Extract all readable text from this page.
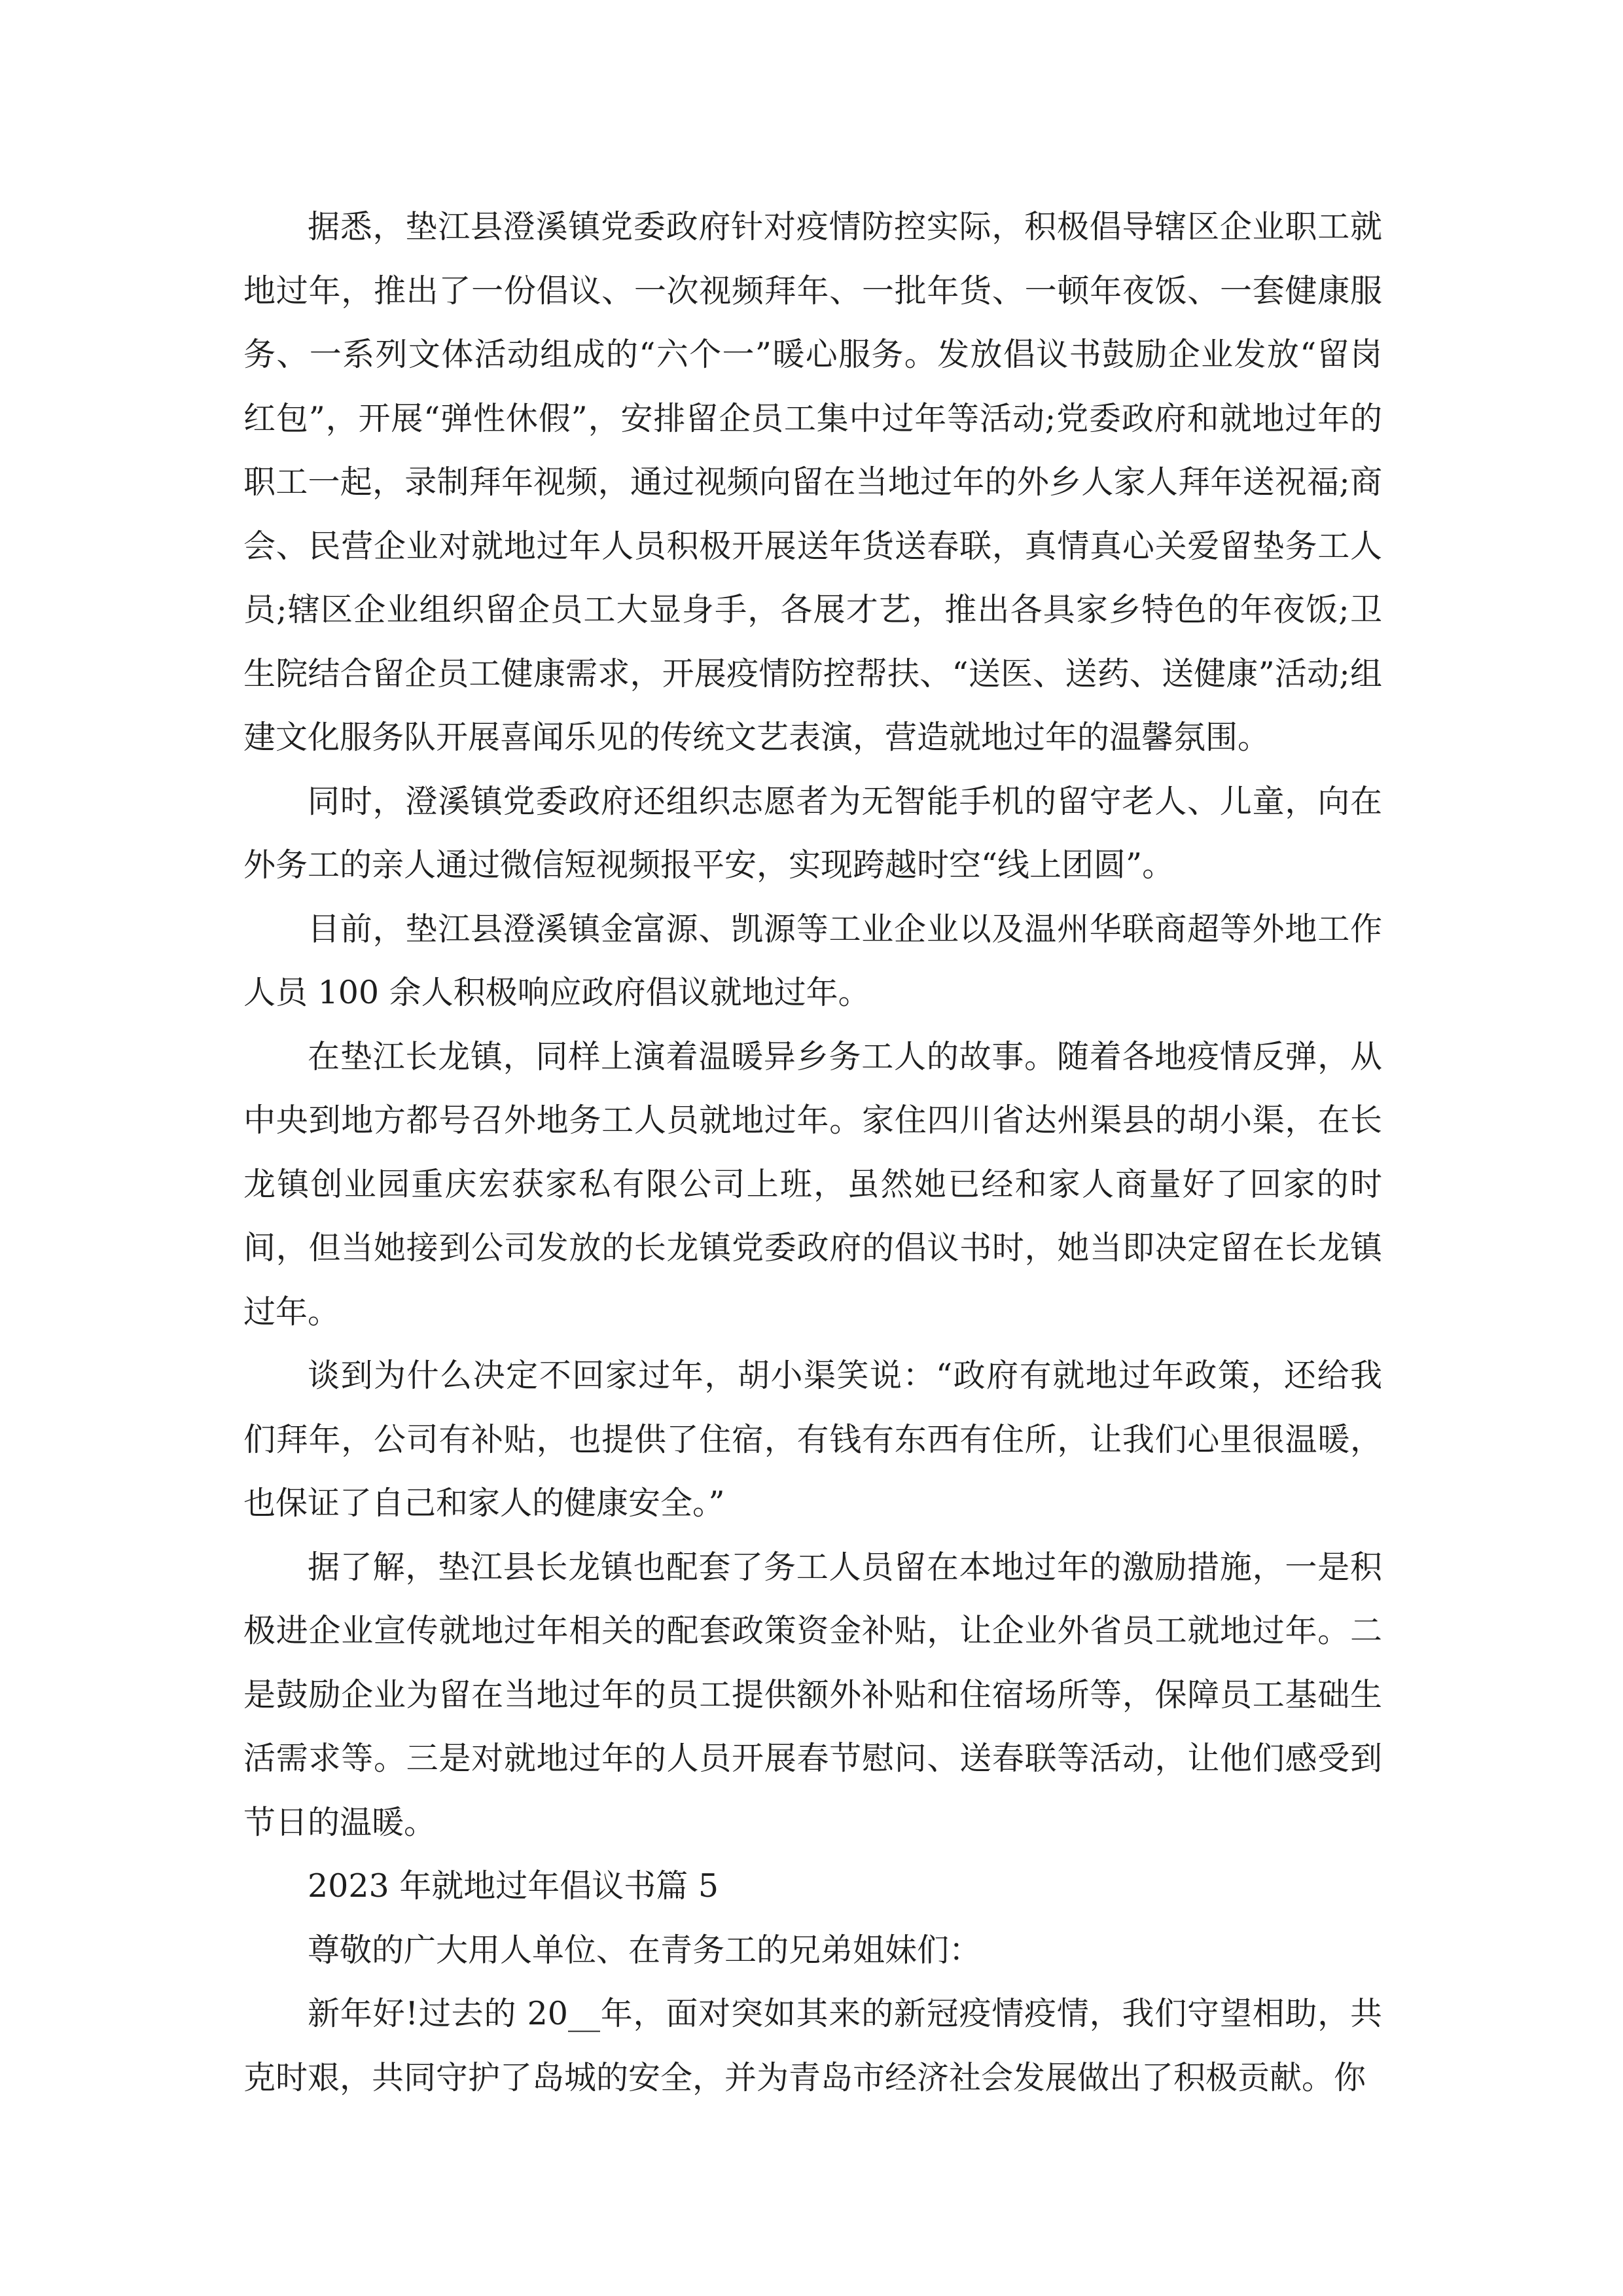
据悉，垫江县澄溪镇党委政府针对疫情防控实际，积极倡导辖区企业职工就地过年，推出了一份倡议、一次视频拜年、一批年货、一顿年夜饭、一套健康服务、一系列文体活动组成的“六个一”暖心服务。发放倡议书鼓励企业发放“留岗红包”，开展“弹性休假”，安排留企员工集中过年等活动;党委政府和就地过年的职工一起，录制拜年视频，通过视频向留在当地过年的外乡人家人拜年送祝福;商会、民营企业对就地过年人员积极开展送年货送春联，真情真心关爱留垫务工人员;辖区企业组织留企员工大显身手，各展才艺，推出各具家乡特色的年夜饭;卫生院结合留企员工健康需求，开展疫情防控帮扶、“送医、送药、送健康”活动;组建文化服务队开展喜闻乐见的传统文艺表演，营造就地过年的温馨氛围。

同时，澄溪镇党委政府还组织志愿者为无智能手机的留守老人、儿童，向在外务工的亲人通过微信短视频报平安，实现跨越时空“线上团圆”。

目前，垫江县澄溪镇金富源、凯源等工业企业以及温州华联商超等外地工作人员 100 余人积极响应政府倡议就地过年。

在垫江长龙镇，同样上演着温暖异乡务工人的故事。随着各地疫情反弹，从中央到地方都号召外地务工人员就地过年。家住四川省达州渠县的胡小渠，在长龙镇创业园重庆宏获家私有限公司上班，虽然她已经和家人商量好了回家的时间，但当她接到公司发放的长龙镇党委政府的倡议书时，她当即决定留在长龙镇过年。

谈到为什么决定不回家过年，胡小渠笑说：“政府有就地过年政策，还给我们拜年，公司有补贴，也提供了住宿，有钱有东西有住所，让我们心里很温暖，也保证了自己和家人的健康安全。”

据了解，垫江县长龙镇也配套了务工人员留在本地过年的激励措施，一是积极进企业宣传就地过年相关的配套政策资金补贴，让企业外省员工就地过年。二是鼓励企业为留在当地过年的员工提供额外补贴和住宿场所等，保障员工基础生活需求等。三是对就地过年的人员开展春节慰问、送春联等活动，让他们感受到节日的温暖。

2023 年就地过年倡议书篇 5

尊敬的广大用人单位、在青务工的兄弟姐妹们：

新年好!过去的 20__年，面对突如其来的新冠疫情疫情，我们守望相助，共克时艰，共同守护了岛城的安全，并为青岛市经济社会发展做出了积极贡献。你
